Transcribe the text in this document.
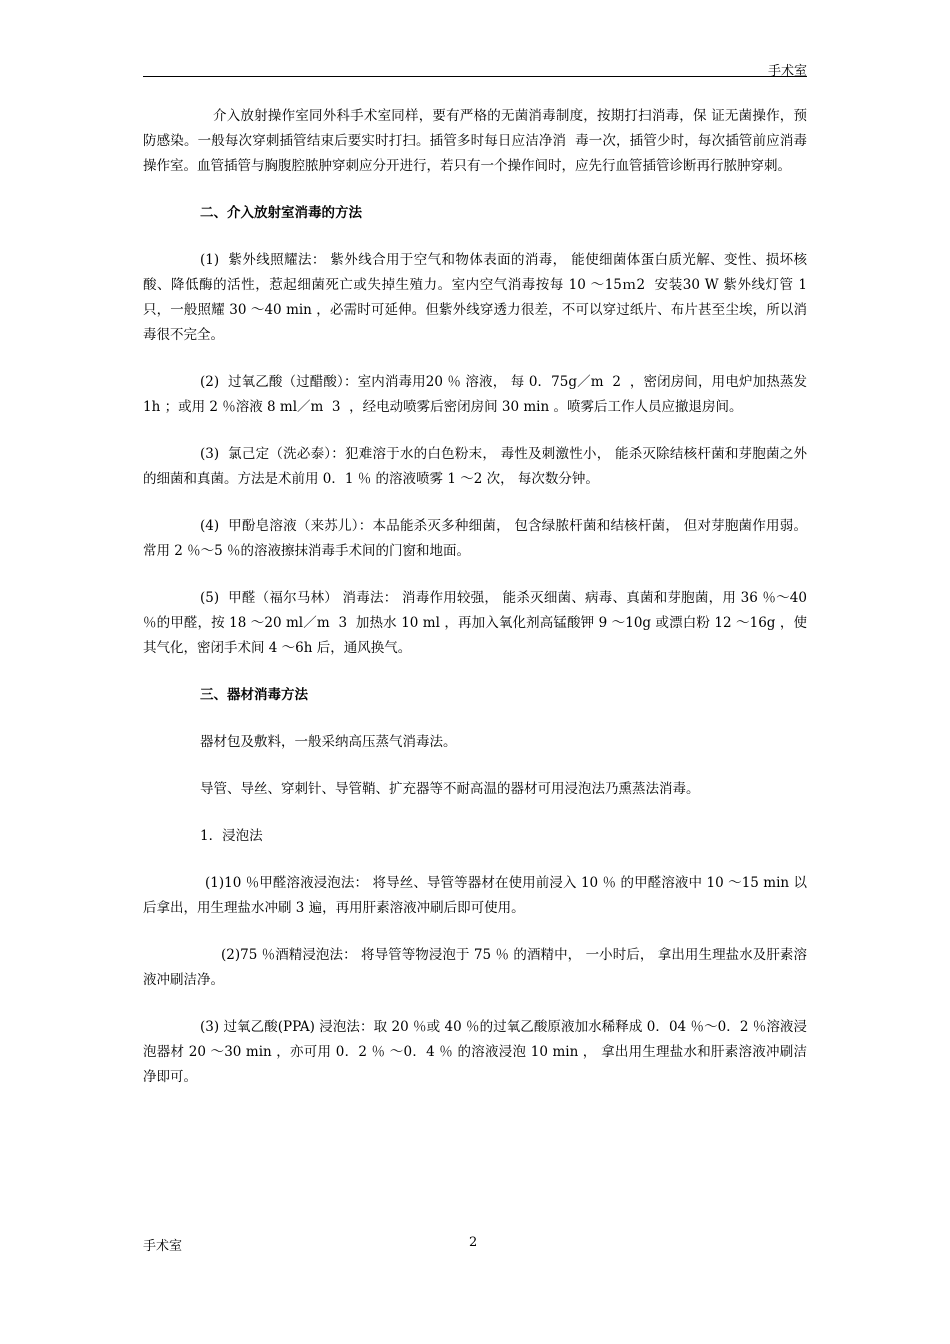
手术室

介入放射操作室同外科手术室同样，要有严格的无菌消毒制度，按期打扫消毒，保 证无菌操作，预防感染。一般每次穿刺插管结束后要实时打扫。插管多时每日应洁净消  毒一次，插管少时，每次插管前应消毒操作室。血管插管与胸腹腔脓肿穿刺应分开进行，若只有一个操作间时，应先行血管插管诊断再行脓肿穿刺。

二、介入放射室消毒的方法

(1)  紫外线照耀法： 紫外线合用于空气和物体表面的消毒， 能使细菌体蛋白质光解、变性、损坏核酸、降低酶的活性，惹起细菌死亡或失掉生殖力。室内空气消毒按每 10 ～15ｍ2  安装30 W 紫外线灯管 1 只，一般照耀 30 ～40 min ，必需时可延伸。但紫外线穿透力很差，不可以穿过纸片、布片甚至尘埃，所以消毒很不完全。

(2)  过氧乙酸（过醋酸）：室内消毒用20 ％ 溶液， 每 0．75g／m  2  ，密闭房间，用电炉加热蒸发 1h ；或用 2 ％溶液 8 ml／m  3  ，经电动喷雾后密闭房间 30 min 。喷雾后工作人员应撤退房间。

(3)  氯己定（洗必泰）：犯难溶于水的白色粉末， 毒性及刺激性小， 能杀灭除结核杆菌和芽胞菌之外的细菌和真菌。方法是术前用 0．1 ％ 的溶液喷雾 1 ～2 次， 每次数分钟。

(4)  甲酚皂溶液（来苏儿）：本品能杀灭多种细菌， 包含绿脓杆菌和结核杆菌， 但对芽胞菌作用弱。常用 2 ％～5 ％的溶液擦抹消毒手术间的门窗和地面。

(5)  甲醛（福尔马林） 消毒法： 消毒作用较强， 能杀灭细菌、病毒、真菌和芽胞菌，用 36 ％～40 ％的甲醛，按 18 ～20 ml／m  3  加热水 10 ml ，再加入氧化剂高锰酸钾 9 ～10g 或漂白粉 12 ～16g ，使其气化，密闭手术间 4 ～6h 后，通风换气。

三、器材消毒方法

器材包及敷料，一般采纳高压蒸气消毒法。

导管、导丝、穿刺针、导管鞘、扩充器等不耐高温的器材可用浸泡法乃熏蒸法消毒。

1．浸泡法

(1)10 ％甲醛溶液浸泡法： 将导丝、导管等器材在使用前浸入 10 ％ 的甲醛溶液中 10 ～15 min 以后拿出，用生理盐水冲刷 3 遍，再用肝素溶液冲刷后即可使用。

(2)75 ％酒精浸泡法： 将导管等物浸泡于 75 ％ 的酒精中， 一小时后， 拿出用生理盐水及肝素溶液冲刷洁净。

(3) 过氧乙酸(PPA) 浸泡法：取 20 ％或 40 ％的过氧乙酸原液加水稀释成 0．04 ％～0．2 ％溶液浸泡器材 20 ～30 min ，亦可用 0．2 ％ ～0．4 ％ 的溶液浸泡 10 min ， 拿出用生理盐水和肝素溶液冲刷洁净即可。

手术室	2
